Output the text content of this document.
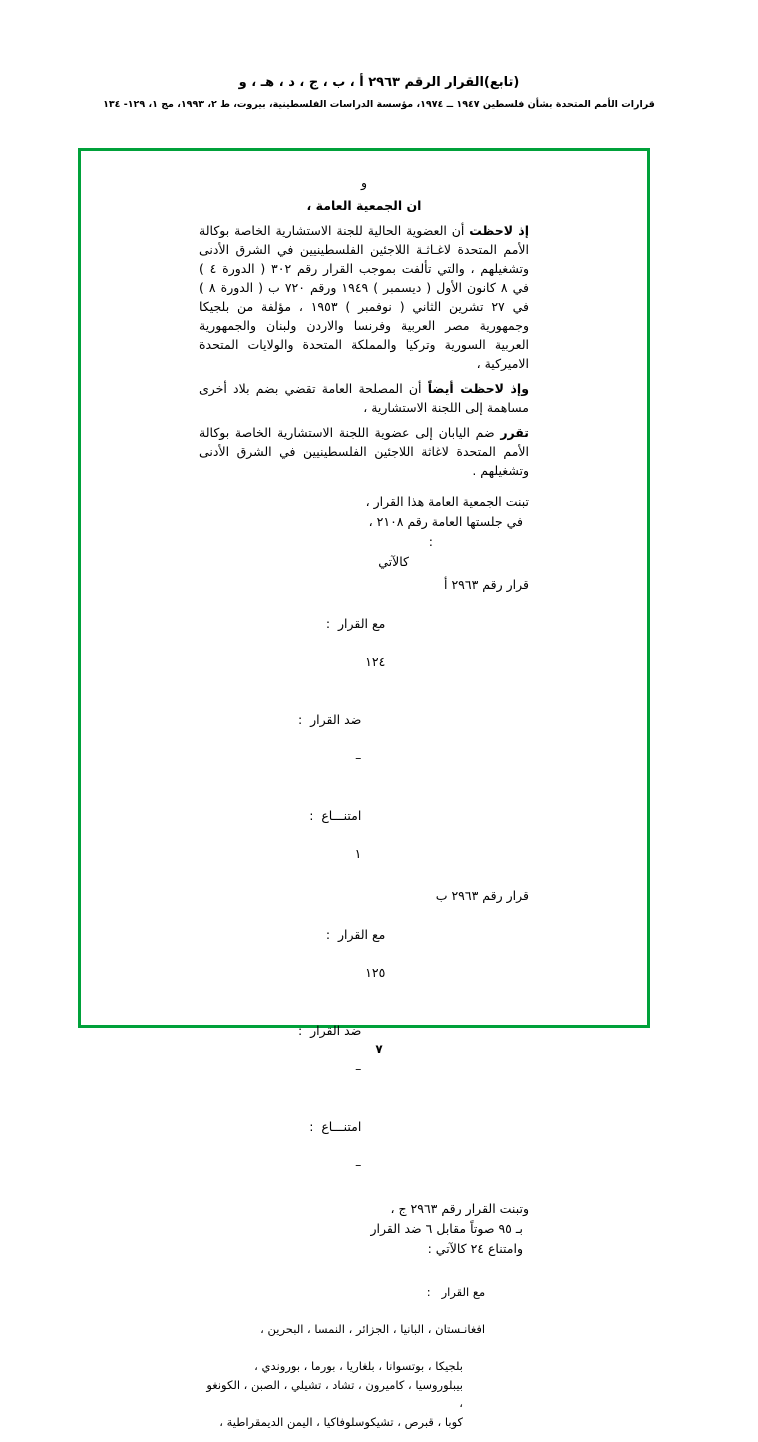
(تابع)القرار الرقم ٢٩٦٣ أ ، ب ، ج ، د ، هـ ، و
قرارات الأمم المتحدة بشأن فلسطين ١٩٤٧ ــ ١٩٧٤، مؤسسة الدراسات الفلسطينية، بيروت، ط ٢، ١٩٩٣، مج ١، ١٢٩- ١٣٤
و
ان الجمعية العامة ،
إذ لاحظت أن العضوية الحالية للجنة الاستشارية الخاصة بوكالة الأمم المتحدة لاغـاثـة اللاجئين الفلسطينيين في الشرق الأدنى وتشغيلهم ، والتي تألفت بموجب القرار رقم ٣٠٢ ( الدورة ٤ ) في ٨ كانون الأول ( ديسمبر ) ١٩٤٩ ورقم ٧٢٠ ب ( الدورة ٨ ) في ٢٧ تشرين الثاني ( نوفمبر ) ١٩٥٣ ، مؤلفة من بلجيكا وجمهورية مصر العربية وفرنسا والاردن ولبنان والجمهورية العربية السورية وتركيا والمملكة المتحدة والولايات المتحدة الاميركية ،
وإذ لاحظت أيضاً أن المصلحة العامة تقضي بضم بلاد أخرى مساهمة إلى اللجنة الاستشارية ،
تقرر ضم اليابان إلى عضوية اللجنة الاستشارية الخاصة بوكالة الأمم المتحدة لاغاثة اللاجئين الفلسطينيين في الشرق الأدنى وتشغيلهم .
تبنت الجمعية العامة هذا القرار ،
في جلستها العامة رقم ٢١٠٨ ،
:
كالآتي
قرار رقم ٢٩٦٣ أ

مع القرار  :

١٢٤

ضد القرار  :

–

امتنـــاع  :

١

قرار رقم ٢٩٦٣ ب

مع القرار  :

١٢٥

ضد القرار  :

–

امتنـــاع  :

–

وتبنت القرار رقم ٢٩٦٣ ج ،
بـ ٩٥ صوتاً مقابل ٦ ضد القرار
وامتناع ٢٤ كالآتي :

مع القرار   :

افغانـستان ، البانيا ، الجزائر ، النمسا ، البحرين ،

بلجيكا ، بوتسوانا ، بلغاريا ، بورما ، بوروندي ،
بيبلوروسيا ، كاميرون ، تشاد ، تشيلي ، الصبن ، الكونغو ،
كوبا ، قبرص ، تشيكوسلوفاكيا ، اليمن الديمقراطية ،
٧
